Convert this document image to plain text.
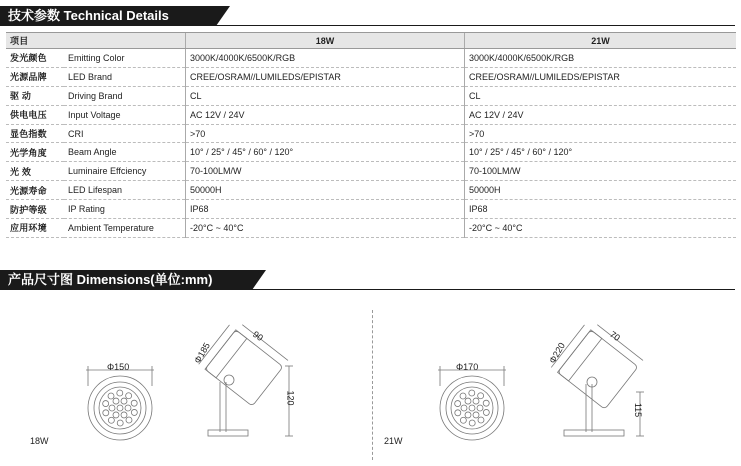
技术参数 Technical Details
项目		18W	21W
发光颜色	Emitting Color	3000K/4000K/6500K/RGB	3000K/4000K/6500K/RGB
光源品牌	LED Brand	CREE/OSRAM//LUMILEDS/EPISTAR	CREE/OSRAM//LUMILEDS/EPISTAR
驱 动	Driving Brand	CL	CL
供电电压	Input Voltage	AC 12V / 24V	AC 12V / 24V
显色指数	CRI	>70	>70
光学角度	Beam Angle	10° / 25° / 45° / 60° / 120°	10° / 25° / 45° / 60° / 120°
光 效	Luminaire Effciency	70-100LM/W	70-100LM/W
光源寿命	LED Lifespan	50000H	50000H
防护等级	IP Rating	IP68	IP68
应用环境	Ambient Temperature	-20°C ~ 40°C	-20°C ~ 40°C
产品尺寸图 Dimensions(单位:mm)
Φ150
Φ185
90
120
18W
Φ170
Φ220
70
115
21W
